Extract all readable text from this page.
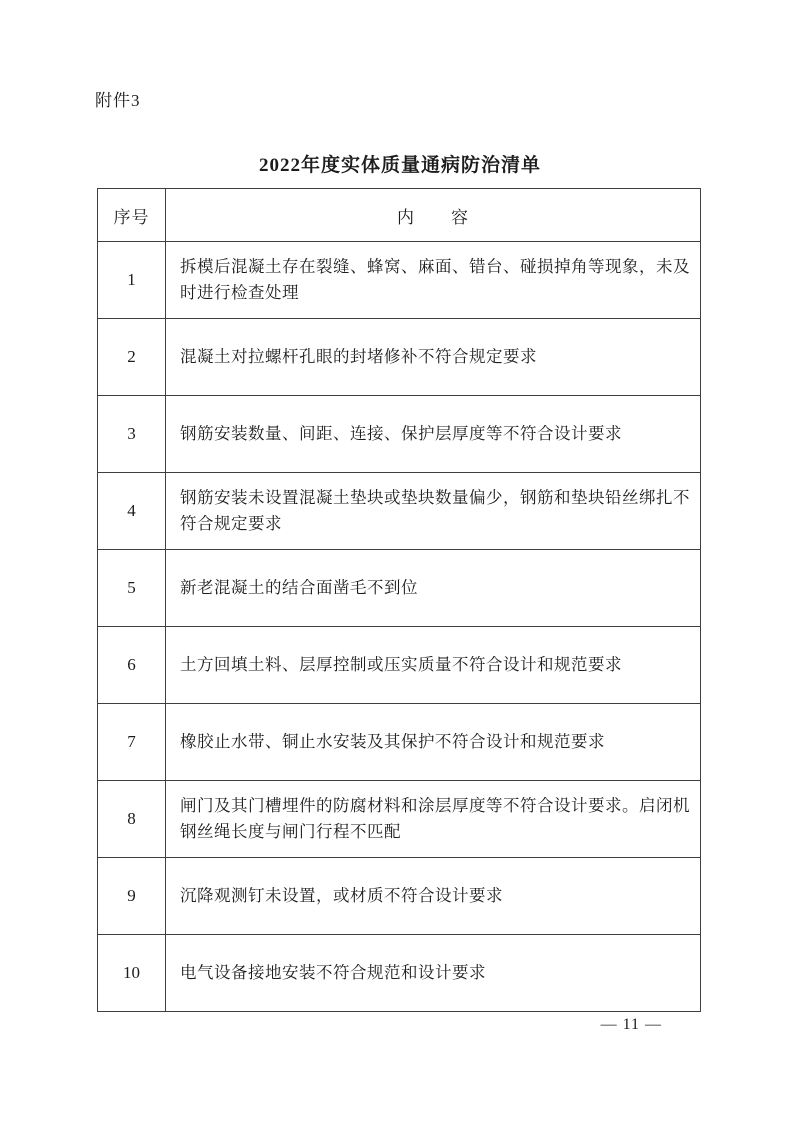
附件3
2022年度实体质量通病防治清单
序号	内　　容
1	拆模后混凝土存在裂缝、蜂窝、麻面、错台、碰损掉角等现象，未及时进行检查处理
2	混凝土对拉螺杆孔眼的封堵修补不符合规定要求
3	钢筋安装数量、间距、连接、保护层厚度等不符合设计要求
4	钢筋安装未设置混凝土垫块或垫块数量偏少，钢筋和垫块铅丝绑扎不符合规定要求
5	新老混凝土的结合面凿毛不到位
6	土方回填土料、层厚控制或压实质量不符合设计和规范要求
7	橡胶止水带、铜止水安装及其保护不符合设计和规范要求
8	闸门及其门槽埋件的防腐材料和涂层厚度等不符合设计要求。启闭机钢丝绳长度与闸门行程不匹配
9	沉降观测钉未设置，或材质不符合设计要求
10	电气设备接地安装不符合规范和设计要求
— 11 —
